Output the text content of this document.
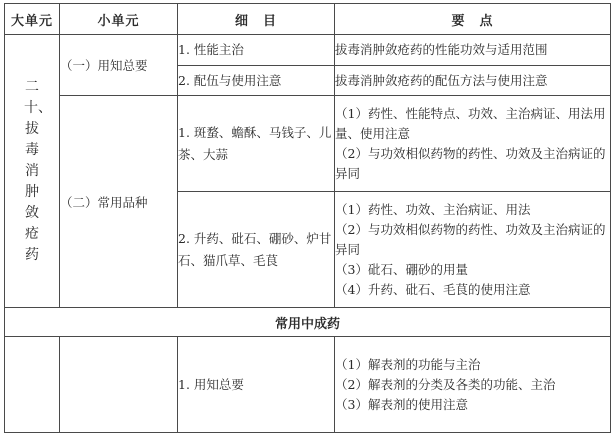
大单元	小单元	细　目	要　点
二十、拔毒消肿敛疮药	（一）用知总要	1. 性能主治	拔毒消肿敛疮药的性能功效与适用范围

		2. 配伍与使用注意	拔毒消肿敛疮药的配伍方法与使用注意

	（二）常用品种	1. 斑蝥、蟾酥、马钱子、儿茶、大蒜	（1）药性、性能特点、功效、主治病证、用法用量、使用注意
（2）与功效相似药物的药性、功效及主治病证的异同

		2. 升药、砒石、硼砂、炉甘石、猫爪草、毛茛	（1）药性、功效、主治病证、用法
（2）与功效相似药物的药性、功效及主治病证的异同
（3）砒石、硼砂的用量
（4）升药、砒石、毛茛的使用注意

常用中成药			
		1. 用知总要	（1）解表剂的功能与主治
（2）解表剂的分类及各类的功能、主治
（3）解表剂的使用注意
